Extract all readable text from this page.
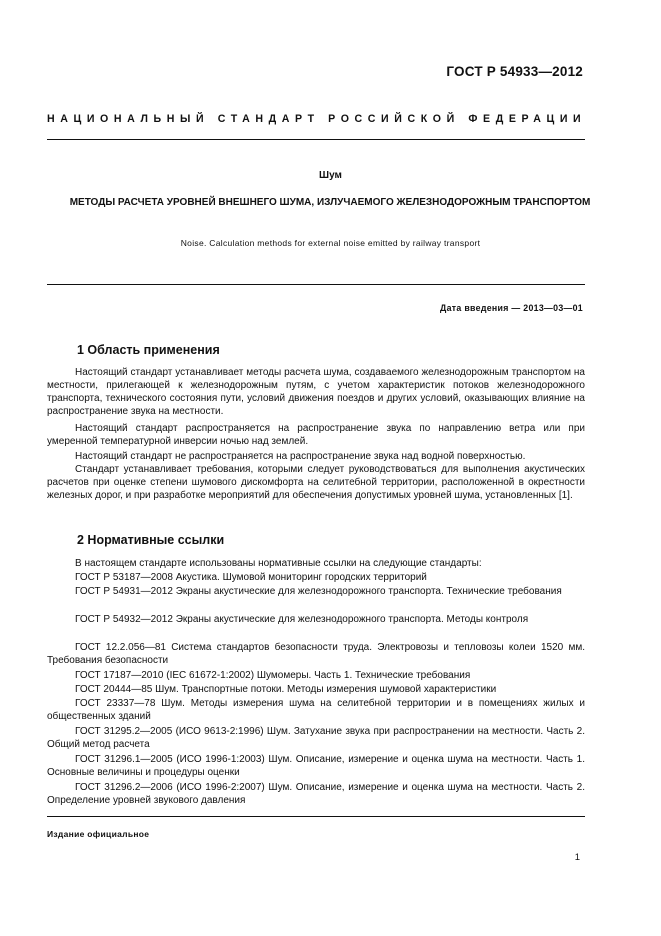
ГОСТ Р 54933—2012
НАЦИОНАЛЬНЫЙ СТАНДАРТ РОССИЙСКОЙ ФЕДЕРАЦИИ
Шум
МЕТОДЫ РАСЧЕТА УРОВНЕЙ ВНЕШНЕГО ШУМА, ИЗЛУЧАЕМОГО ЖЕЛЕЗНОДОРОЖНЫМ ТРАНСПОРТОМ
Noise. Calculation methods for external noise emitted by railway transport
Дата введения — 2013—03—01
1 Область применения
Настоящий стандарт устанавливает методы расчета шума, создаваемого железнодорожным транспортом на местности, прилегающей к железнодорожным путям, с учетом характеристик потоков железнодорожного транспорта, технического состояния пути, условий движения поездов и других условий, оказывающих влияние на распространение звука на местности.
Настоящий стандарт распространяется на распространение звука по направлению ветра или при умеренной температурной инверсии ночью над землей.
Настоящий стандарт не распространяется на распространение звука над водной поверхностью.
Стандарт устанавливает требования, которыми следует руководствоваться для выполнения акустических расчетов при оценке степени шумового дискомфорта на селитебной территории, расположенной в окрестности железных дорог, и при разработке мероприятий для обеспечения допустимых уровней шума, установленных [1].
2 Нормативные ссылки
В настоящем стандарте использованы нормативные ссылки на следующие стандарты:
ГОСТ Р 53187—2008 Акустика. Шумовой мониторинг городских территорий
ГОСТ Р 54931—2012 Экраны акустические для железнодорожного транспорта. Технические требования
ГОСТ Р 54932—2012 Экраны акустические для железнодорожного транспорта. Методы контроля
ГОСТ 12.2.056—81 Система стандартов безопасности труда. Электровозы и тепловозы колеи 1520 мм. Требования безопасности
ГОСТ 17187—2010 (IEC 61672-1:2002) Шумомеры. Часть 1. Технические требования
ГОСТ 20444—85 Шум. Транспортные потоки. Методы измерения шумовой характеристики
ГОСТ 23337—78 Шум. Методы измерения шума на селитебной территории и в помещениях жилых и общественных зданий
ГОСТ 31295.2—2005 (ИСО 9613-2:1996) Шум. Затухание звука при распространении на местности. Часть 2. Общий метод расчета
ГОСТ 31296.1—2005 (ИСО 1996-1:2003) Шум. Описание, измерение и оценка шума на местности. Часть 1. Основные величины и процедуры оценки
ГОСТ 31296.2—2006 (ИСО 1996-2:2007) Шум. Описание, измерение и оценка шума на местности. Часть 2. Определение уровней звукового давления
Издание официальное
1
